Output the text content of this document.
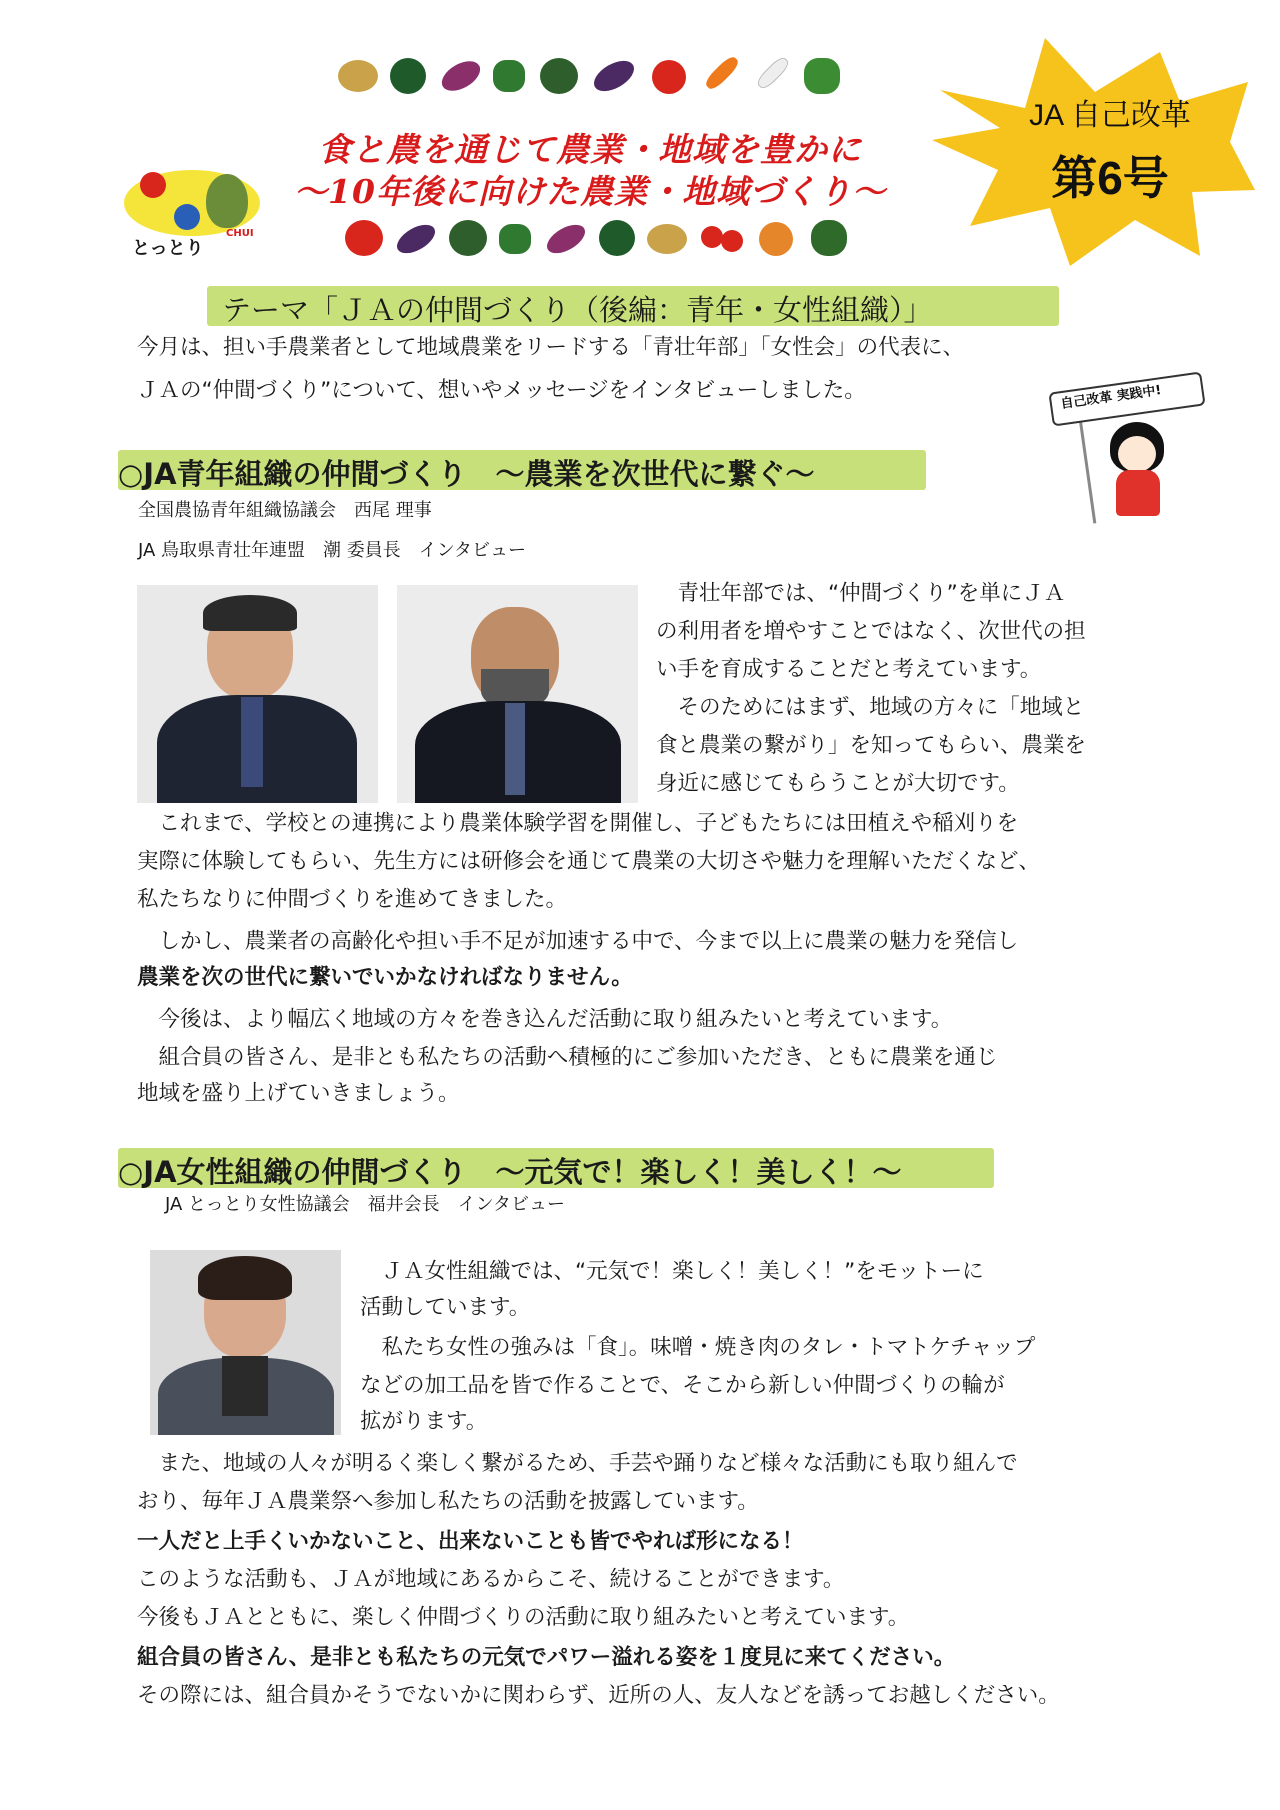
食と農を通じて農業・地域を豊かに
～10年後に向けた農業・地域づくり～
とっとり
CHUI
JA 自己改革
第6号
テーマ「ＪＡの仲間づくり（後編：青年・女性組織）」
今月は、担い手農業者として地域農業をリードする「青壮年部」「女性会」の代表に、
ＪＡの“仲間づくり”について、想いやメッセージをインタビューしました。	自己改革 実践中!
○JA青年組織の仲間づくり　～農業を次世代に繋ぐ～
全国農協青年組織協議会　西尾 理事
JA 鳥取県青壮年連盟　潮 委員長　インタビュー
　青壮年部では、“仲間づくり”を単にＪＡ
の利用者を増やすことではなく、次世代の担
い手を育成することだと考えています。
　そのためにはまず、地域の方々に「地域と
食と農業の繋がり」を知ってもらい、農業を
身近に感じてもらうことが大切です。
　これまで、学校との連携により農業体験学習を開催し、子どもたちには田植えや稲刈りを
実際に体験してもらい、先生方には研修会を通じて農業の大切さや魅力を理解いただくなど、
私たちなりに仲間づくりを進めてきました。
　しかし、農業者の高齢化や担い手不足が加速する中で、今まで以上に農業の魅力を発信し
農業を次の世代に繋いでいかなければなりません。
　今後は、より幅広く地域の方々を巻き込んだ活動に取り組みたいと考えています。
　組合員の皆さん、是非とも私たちの活動へ積極的にご参加いただき、ともに農業を通じ
地域を盛り上げていきましょう。
○JA女性組織の仲間づくり　～元気で！楽しく！美しく！～
JA とっとり女性協議会　福井会長　インタビュー
　ＪＡ女性組織では、“元気で！楽しく！美しく！”をモットーに
活動しています。
　私たち女性の強みは「食」。味噌・焼き肉のタレ・トマトケチャップ
などの加工品を皆で作ることで、そこから新しい仲間づくりの輪が
拡がります。
　また、地域の人々が明るく楽しく繋がるため、手芸や踊りなど様々な活動にも取り組んで
おり、毎年ＪＡ農業祭へ参加し私たちの活動を披露しています。
一人だと上手くいかないこと、出来ないことも皆でやれば形になる！
このような活動も、ＪＡが地域にあるからこそ、続けることができます。
今後もＪＡとともに、楽しく仲間づくりの活動に取り組みたいと考えています。
組合員の皆さん、是非とも私たちの元気でパワー溢れる姿を１度見に来てください。
その際には、組合員かそうでないかに関わらず、近所の人、友人などを誘ってお越しください。
